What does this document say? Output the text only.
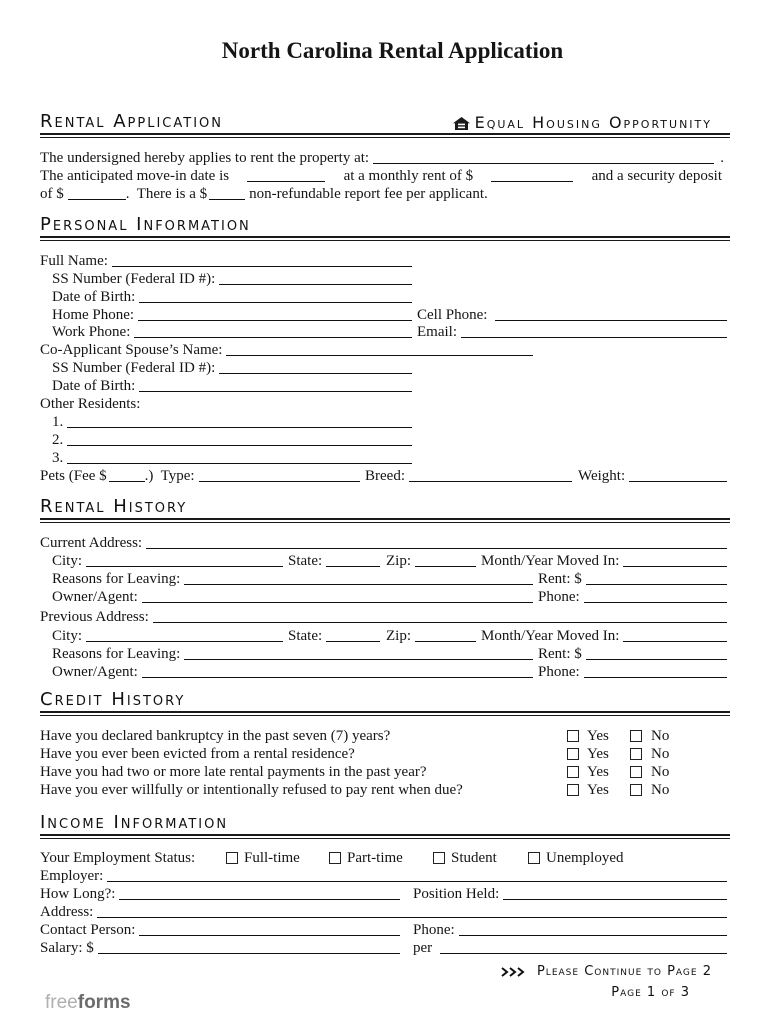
North Carolina Rental Application
Rental Application	Equal Housing Opportunity
The undersigned hereby applies to rent the property at:	.
The anticipated move-in date is	at a monthly rent of $	and a security deposit
of $	.  There is a $	non-refundable report fee per applicant.
Personal Information
Full Name:
SS Number (Federal ID #):
Date of Birth:
Home Phone:	Cell Phone:
Work Phone:	Email:
Co-Applicant Spouse’s Name:
SS Number (Federal ID #):
Date of Birth:
Other Residents:
1.
2.
3.
Pets (Fee $	.)  Type:	Breed:	Weight:
Rental History
Current Address:
City:	State:	Zip:	Month/Year Moved In:
Reasons for Leaving:	Rent: $
Owner/Agent:	Phone:
Previous Address:
City:	State:	Zip:	Month/Year Moved In:
Reasons for Leaving:	Rent: $
Owner/Agent:	Phone:
Credit History
Have you declared bankruptcy in the past seven (7) years?	Yes	No
Have you ever been evicted from a rental residence?	Yes	No
Have you had two or more late rental payments in the past year?	Yes	No
Have you ever willfully or intentionally refused to pay rent when due?	Yes	No
Income Information
Your Employment Status:	Full-time	Part-time	Student	Unemployed
Employer:
How Long?:	Position Held:
Address:
Contact Person:	Phone:
Salary: $	per
Please Continue to Page 2
Page 1 of 3
freeforms
